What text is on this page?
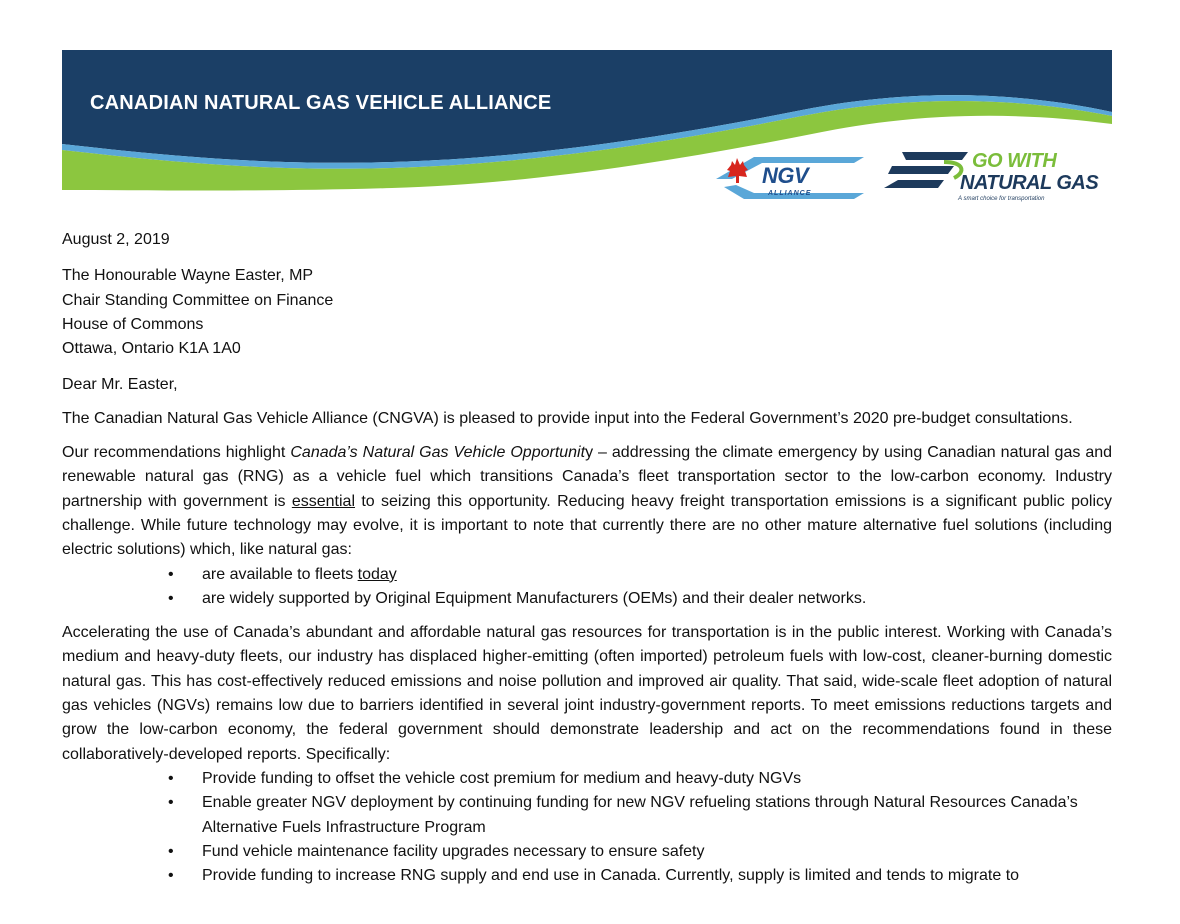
CANADIAN NATURAL GAS VEHICLE ALLIANCE
NGV
ALLIANCE
GO WITH
NATURAL GAS
A smart choice for transportation

August 2, 2019

The Honourable Wayne Easter, MP

Chair Standing Committee on Finance

House of Commons

Ottawa, Ontario K1A 1A0

Dear Mr. Easter,

The Canadian Natural Gas Vehicle Alliance (CNGVA) is pleased to provide input into the Federal Government’s 2020 pre-budget consultations.

Our recommendations highlight Canada’s Natural Gas Vehicle Opportunity – addressing the climate emergency by using Canadian natural gas and renewable natural gas (RNG) as a vehicle fuel which transitions Canada’s fleet transportation sector to the low-carbon economy. Industry partnership with government is essential to seizing this opportunity. Reducing heavy freight transportation emissions is a significant public policy challenge. While future technology may evolve, it is important to note that currently there are no other mature alternative fuel solutions (including electric solutions) which, like natural gas:

• are available to fleets today
• are widely supported by Original Equipment Manufacturers (OEMs) and their dealer networks.

Accelerating the use of Canada’s abundant and affordable natural gas resources for transportation is in the public interest. Working with Canada’s medium and heavy-duty fleets, our industry has displaced higher-emitting (often imported) petroleum fuels with low-cost, cleaner-burning domestic natural gas. This has cost-effectively reduced emissions and noise pollution and improved air quality. That said, wide-scale fleet adoption of natural gas vehicles (NGVs) remains low due to barriers identified in several joint industry-government reports. To meet emissions reductions targets and grow the low-carbon economy, the federal government should demonstrate leadership and act on the recommendations found in these collaboratively-developed reports. Specifically:

• Provide funding to offset the vehicle cost premium for medium and heavy-duty NGVs
• Enable greater NGV deployment by continuing funding for new NGV refueling stations through Natural Resources Canada’s Alternative Fuels Infrastructure Program
• Fund vehicle maintenance facility upgrades necessary to ensure safety
• Provide funding to increase RNG supply and end use in Canada. Currently, supply is limited and tends to migrate to
